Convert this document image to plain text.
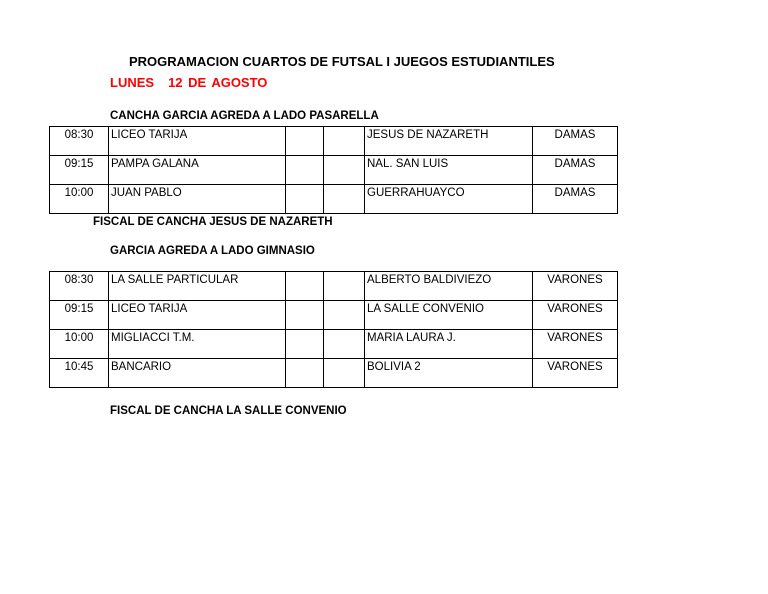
PROGRAMACION CUARTOS DE FUTSAL I JUEGOS ESTUDIANTILES
LUNES 12 DE AGOSTO
CANCHA GARCIA AGREDA A LADO PASARELLA
08:30	LICEO TARIJA			JESUS DE NAZARETH	DAMAS
09:15	PAMPA GALANA			NAL. SAN LUIS	DAMAS
10:00	JUAN PABLO			GUERRAHUAYCO	DAMAS
FISCAL DE CANCHA JESUS DE NAZARETH
GARCIA AGREDA A LADO GIMNASIO
08:30	LA SALLE PARTICULAR			ALBERTO BALDIVIEZO	VARONES
09:15	LICEO TARIJA			LA SALLE CONVENIO	VARONES
10:00	MIGLIACCI T.M.			MARIA LAURA J.	VARONES
10:45	BANCARIO			BOLIVIA 2	VARONES
FISCAL DE CANCHA LA SALLE CONVENIO
